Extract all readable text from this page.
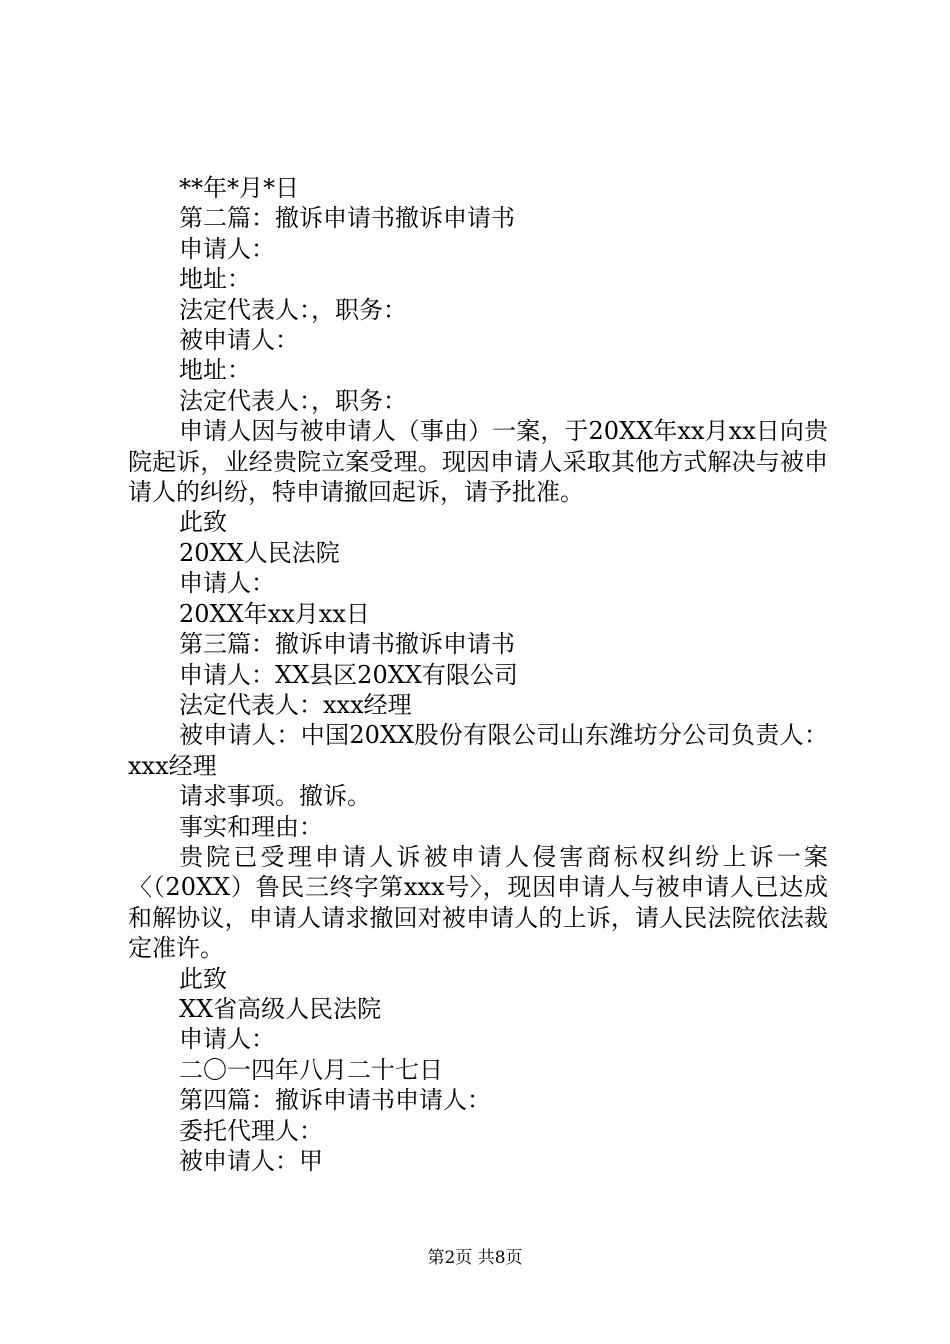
**年*月*日
第二篇：撤诉申请书撤诉申请书
申请人：
地址：
法定代表人：，职务：
被申请人：
地址：
法定代表人：，职务：
申请人因与被申请人（事由）一案，于20XX年xx月xx日向贵院起诉，业经贵院立案受理。现因申请人采取其他方式解决与被申请人的纠纷，特申请撤回起诉，请予批准。
此致
20XX人民法院
申请人：
20XX年xx月xx日
第三篇：撤诉申请书撤诉申请书
申请人：XX县区20XX有限公司
法定代表人：xxx经理
被申请人：中国20XX股份有限公司山东潍坊分公司负责人：xxx经理
请求事项。撤诉。
事实和理由：
贵院已受理申请人诉被申请人侵害商标权纠纷上诉一案〈（20XX）鲁民三终字第xxx号〉，现因申请人与被申请人已达成和解协议，申请人请求撤回对被申请人的上诉，请人民法院依法裁定准许。
此致
XX省高级人民法院
申请人：
二〇一四年八月二十七日
第四篇：撤诉申请书申请人：
委托代理人：
被申请人：甲
第2页 共8页
